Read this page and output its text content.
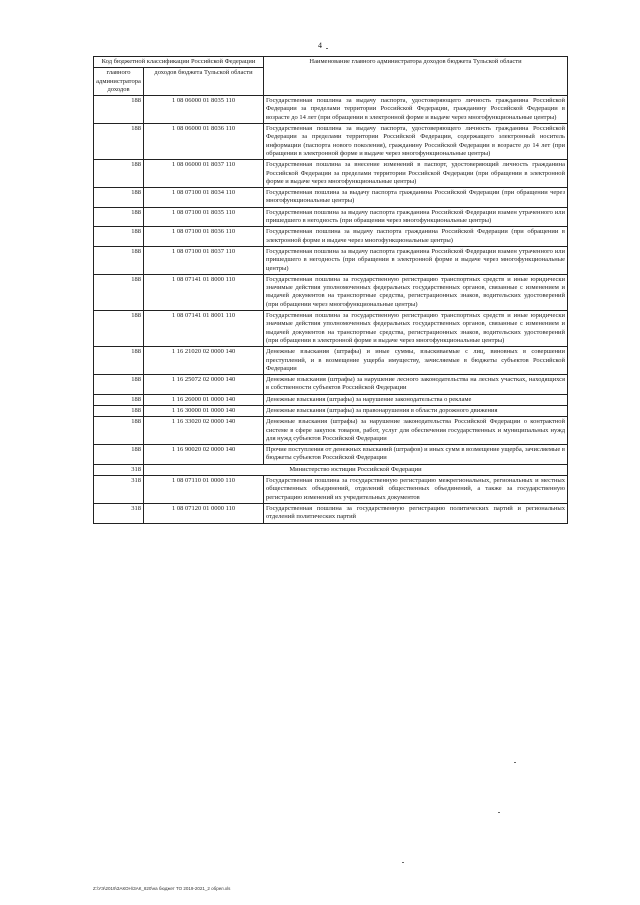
4
Код бюджетной классификации Российской Федерации		Наименование главного администратора доходов бюджета Тульской области
главного администратора доходов	доходов бюджета Тульской области	
188	1 08 06000 01 8035 110	Государственная пошлина за выдачу паспорта, удостоверяющего личность гражданина Российской Федерации за пределами территории Российской Федерации, гражданину Российской Федерации в возрасте до 14 лет (при обращении в электронной форме и выдаче через многофункциональные центры)
188	1 08 06000 01 8036 110	Государственная пошлина за выдачу паспорта, удостоверяющего личность гражданина Российской Федерации за пределами территории Российской Федерации, содержащего электронный носитель информации (паспорта нового поколения), гражданину Российской Федерации в возрасте до 14 лет (при обращении в электронной форме и выдаче через многофункциональные центры)
188	1 08 06000 01 8037 110	Государственная пошлина за внесение изменений в паспорт, удостоверяющий личность гражданина Российской Федерации за пределами территории Российской Федерации (при обращении в электронной форме и выдаче через многофункциональные центры)
188	1 08 07100 01 8034 110	Государственная пошлина за выдачу паспорта гражданина Российской Федерации (при обращении через многофункциональные центры)
188	1 08 07100 01 8035 110	Государственная пошлина за выдачу паспорта гражданина Российской Федерации взамен утраченного или пришедшего в негодность (при обращении через многофункциональные центры)
188	1 08 07100 01 8036 110	Государственная пошлина за выдачу паспорта гражданина Российской Федерации (при обращении в электронной форме и выдаче через многофункциональные центры)
188	1 08 07100 01 8037 110	Государственная пошлина за выдачу паспорта гражданина Российской Федерации взамен утраченного или пришедшего в негодность (при обращении в электронной форме и выдаче через многофункциональные центры)
188	1 08 07141 01 8000 110	Государственная пошлина за государственную регистрацию транспортных средств и иные юридически значимые действия уполномоченных федеральных государственных органов, связанные с изменением и выдачей документов на транспортные средства, регистрационных знаков, водительских удостоверений (при обращении через многофункциональные центры)
188	1 08 07141 01 8001 110	Государственная пошлина за государственную регистрацию транспортных средств и иные юридически значимые действия уполномоченных федеральных государственных органов, связанные с изменением и выдачей документов на транспортные средства, регистрационных знаков, водительских удостоверений (при обращении в электронной форме и выдаче через многофункциональные центры)
188	1 16 21020 02 0000 140	Денежные взыскания (штрафы) и иные суммы, взыскиваемые с лиц, виновных в совершении преступлений, и в возмещение ущерба имуществу, зачисляемые в бюджеты субъектов Российской Федерации
188	1 16 25072 02 0000 140	Денежные взыскания (штрафы) за нарушение лесного законодательства на лесных участках, находящихся в собственности субъектов Российской Федерации
188	1 16 26000 01 0000 140	Денежные взыскания (штрафы) за нарушение законодательства о рекламе
188	1 16 30000 01 0000 140	Денежные взыскания (штрафы) за правонарушения в области дорожного движения
188	1 16 33020 02 0000 140	Денежные взыскания (штрафы) за нарушение законодательства Российской Федерации о контрактной системе в сфере закупок товаров, работ, услуг для обеспечения государственных и муниципальных нужд для нужд субъектов Российской Федерации
188	1 16 90020 02 0000 140	Прочие поступления от денежных взысканий (штрафов) и иных сумм в возмещение ущерба, зачисляемые в бюджеты субъектов Российской Федерации
318	Министерство юстиции Российской Федерации	
318	1 08 07110 01 0000 110	Государственная пошлина за государственную регистрацию межрегиональных, региональных и местных общественных объединений, отделений общественных объединений, а также за государственную регистрацию изменений их учредительных документов
318	1 08 07120 01 0000 110	Государственная пошлина за государственную регистрацию политических партий и региональных отделений политических партий
Z:\УЭ\2019\ЗАКОН\ЗАК_820\на бюджет ТО 2019-2021_2 обрел.xls
